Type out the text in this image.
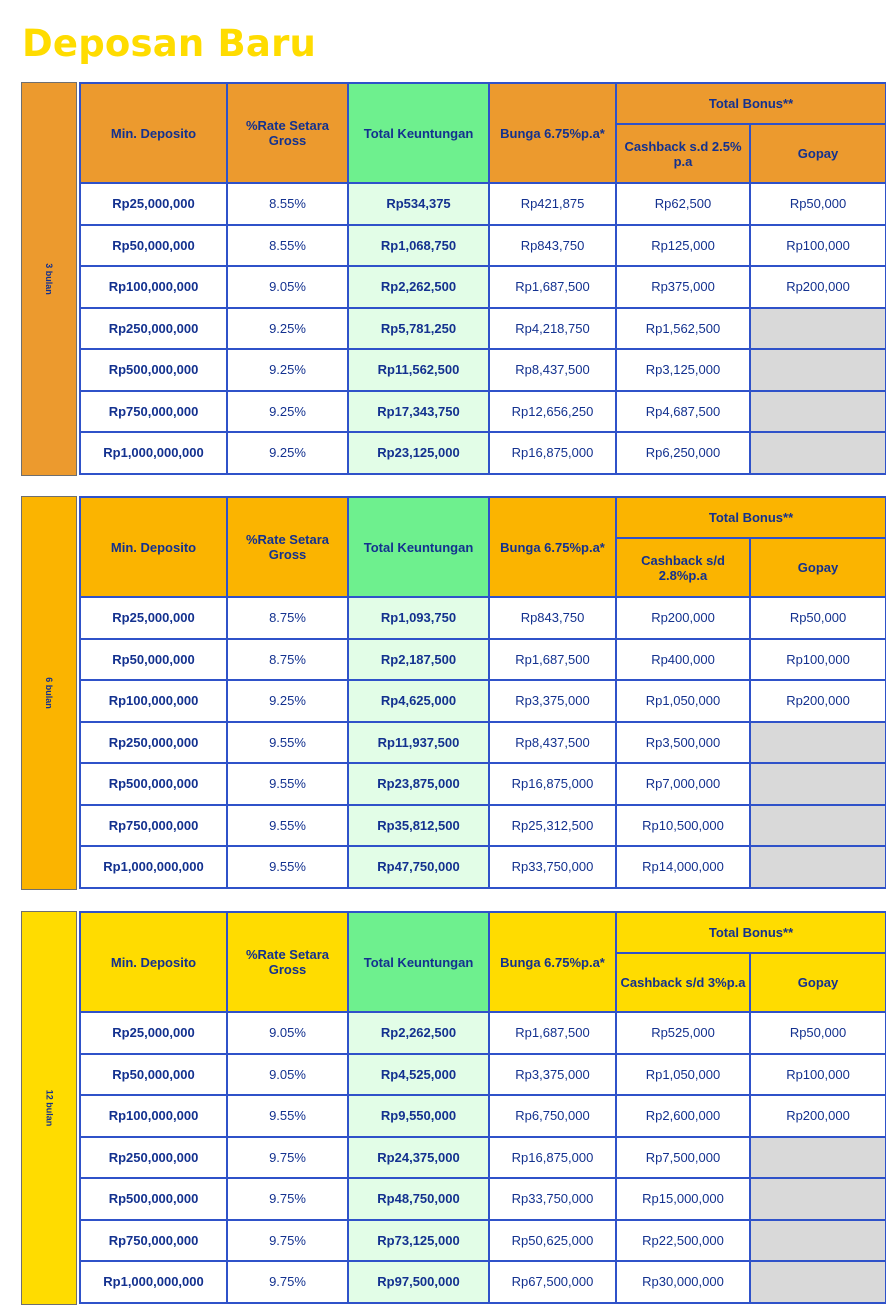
Deposan Baru
3 bulan
Min. Deposito	%Rate Setara Gross	Total Keuntungan	Bunga 6.75%p.a*	Total Bonus**	
				Cashback s.d 2.5% p.a	Gopay
Rp25,000,000	8.55%	Rp534,375	Rp421,875	Rp62,500	Rp50,000
Rp50,000,000	8.55%	Rp1,068,750	Rp843,750	Rp125,000	Rp100,000
Rp100,000,000	9.05%	Rp2,262,500	Rp1,687,500	Rp375,000	Rp200,000
Rp250,000,000	9.25%	Rp5,781,250	Rp4,218,750	Rp1,562,500	
Rp500,000,000	9.25%	Rp11,562,500	Rp8,437,500	Rp3,125,000	
Rp750,000,000	9.25%	Rp17,343,750	Rp12,656,250	Rp4,687,500	
Rp1,000,000,000	9.25%	Rp23,125,000	Rp16,875,000	Rp6,250,000	
6 bulan
Min. Deposito	%Rate Setara Gross	Total Keuntungan	Bunga 6.75%p.a*	Total Bonus**	
				Cashback s/d 2.8%p.a	Gopay
Rp25,000,000	8.75%	Rp1,093,750	Rp843,750	Rp200,000	Rp50,000
Rp50,000,000	8.75%	Rp2,187,500	Rp1,687,500	Rp400,000	Rp100,000
Rp100,000,000	9.25%	Rp4,625,000	Rp3,375,000	Rp1,050,000	Rp200,000
Rp250,000,000	9.55%	Rp11,937,500	Rp8,437,500	Rp3,500,000	
Rp500,000,000	9.55%	Rp23,875,000	Rp16,875,000	Rp7,000,000	
Rp750,000,000	9.55%	Rp35,812,500	Rp25,312,500	Rp10,500,000	
Rp1,000,000,000	9.55%	Rp47,750,000	Rp33,750,000	Rp14,000,000	
12 bulan
Min. Deposito	%Rate Setara Gross	Total Keuntungan	Bunga 6.75%p.a*	Total Bonus**	
				Cashback s/d 3%p.a	Gopay
Rp25,000,000	9.05%	Rp2,262,500	Rp1,687,500	Rp525,000	Rp50,000
Rp50,000,000	9.05%	Rp4,525,000	Rp3,375,000	Rp1,050,000	Rp100,000
Rp100,000,000	9.55%	Rp9,550,000	Rp6,750,000	Rp2,600,000	Rp200,000
Rp250,000,000	9.75%	Rp24,375,000	Rp16,875,000	Rp7,500,000	
Rp500,000,000	9.75%	Rp48,750,000	Rp33,750,000	Rp15,000,000	
Rp750,000,000	9.75%	Rp73,125,000	Rp50,625,000	Rp22,500,000	
Rp1,000,000,000	9.75%	Rp97,500,000	Rp67,500,000	Rp30,000,000	
